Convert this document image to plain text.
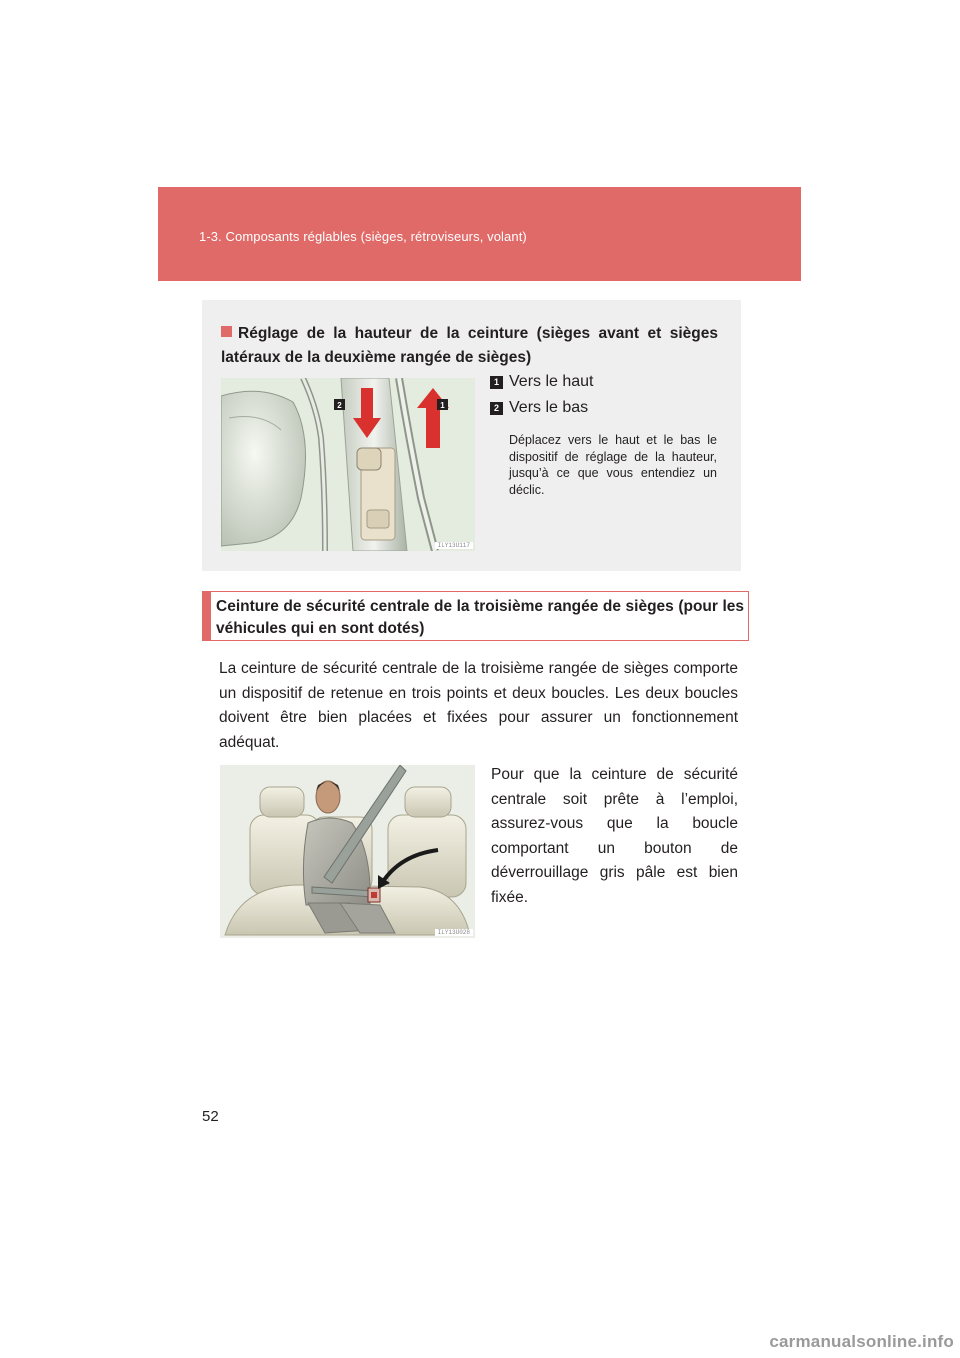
1-3. Composants réglables (sièges, rétroviseurs, volant)
Réglage de la hauteur de la ceinture (sièges avant et sièges latéraux de la deuxième rangée de sièges)
2	1
ILY13U117
1 Vers le haut
2 Vers le bas
Déplacez vers le haut et le bas le dispositif de réglage de la hauteur, jusqu’à ce que vous entendiez un déclic.
Ceinture de sécurité centrale de la troisième rangée de sièges (pour les véhicules qui en sont dotés)
La ceinture de sécurité centrale de la troisième rangée de sièges comporte un dispositif de retenue en trois points et deux boucles. Les deux boucles doivent être bien placées et fixées pour assurer un fonctionnement adéquat.
ILY13U028
Pour que la ceinture de sécurité centrale soit prête à l’emploi, assurez-vous que la boucle comportant un bouton de déverrouillage gris pâle est bien fixée.
52
carmanualsonline.info
